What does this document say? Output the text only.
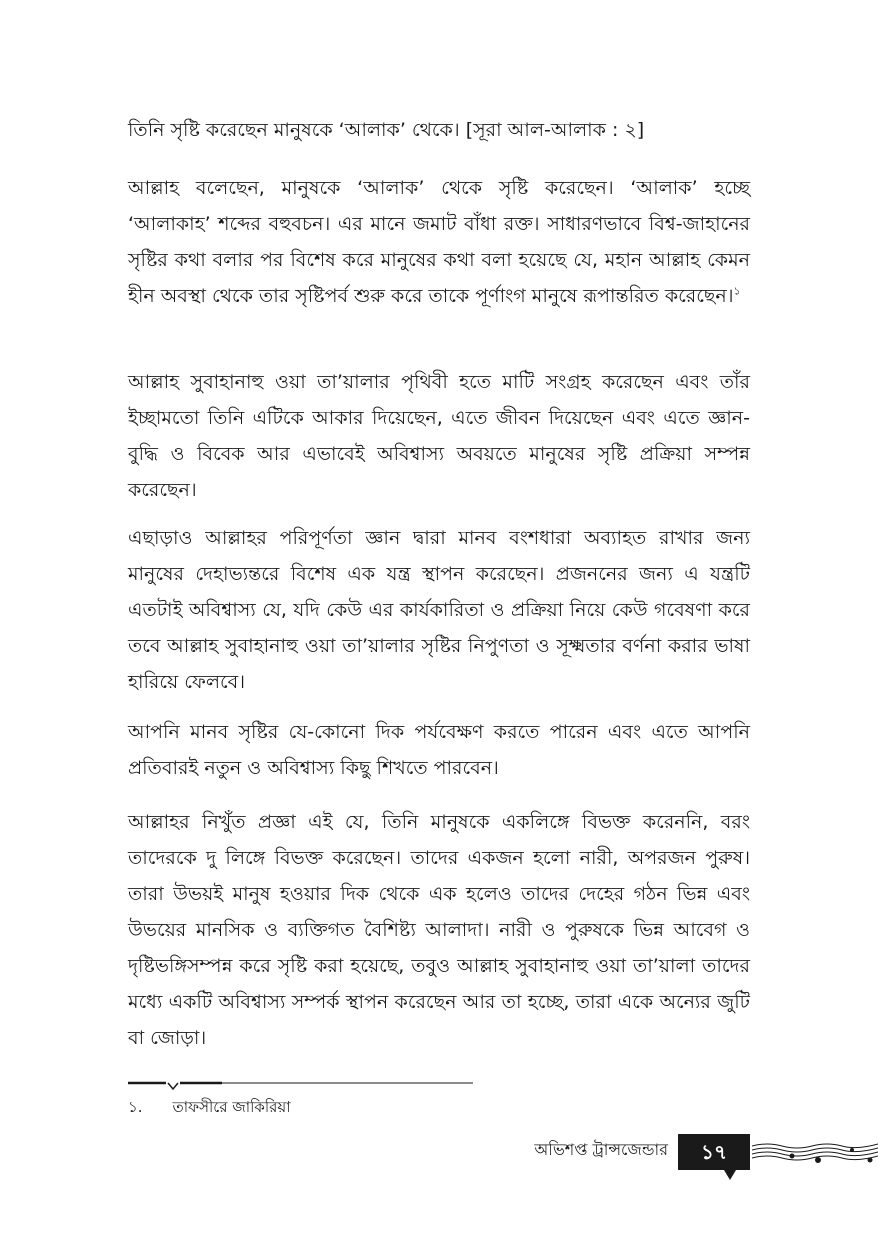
তিনি সৃষ্টি করেছেন মানুষকে ‘আলাক’ থেকে। [সূরা আল-আলাক : ২]

আল্লাহ বলেছেন, মানুষকে ‘আলাক’ থেকে সৃষ্টি করেছেন। ‘আলাক’ হচ্ছে ‘আলাকাহ’ শব্দের বহুবচন। এর মানে জমাট বাঁধা রক্ত। সাধারণভাবে বিশ্ব-জাহানের সৃষ্টির কথা বলার পর বিশেষ করে মানুষের কথা বলা হয়েছে যে, মহান আল্লাহ কেমন হীন অবস্থা থেকে তার সৃষ্টিপর্ব শুরু করে তাকে পূর্ণাংগ মানুষে রূপান্তরিত করেছেন।$^১$

আল্লাহ সুবাহানাহু ওয়া তা’য়ালার পৃথিবী হতে মাটি সংগ্রহ করেছেন এবং তাঁর ইচ্ছামতো তিনি এটিকে আকার দিয়েছেন, এতে জীবন দিয়েছেন এবং এতে জ্ঞান-বুদ্ধি ও বিবেক আর এভাবেই অবিশ্বাস্য অবয়তে মানুষের সৃষ্টি প্রক্রিয়া সম্পন্ন করেছেন।

এছাড়াও আল্লাহর পরিপূর্ণতা জ্ঞান দ্বারা মানব বংশধারা অব্যাহত রাখার জন্য মানুষের দেহাভ্যন্তরে বিশেষ এক যন্ত্র স্থাপন করেছেন। প্রজননের জন্য এ যন্ত্রটি এতটাই অবিশ্বাস্য যে, যদি কেউ এর কার্যকারিতা ও প্রক্রিয়া নিয়ে কেউ গবেষণা করে তবে আল্লাহ সুবাহানাহু ওয়া তা’য়ালার সৃষ্টির নিপুণতা ও সূক্ষ্মতার বর্ণনা করার ভাষা হারিয়ে ফেলবে।

আপনি মানব সৃষ্টির যে-কোনো দিক পর্যবেক্ষণ করতে পারেন এবং এতে আপনি প্রতিবারই নতুন ও অবিশ্বাস্য কিছু শিখতে পারবেন।

আল্লাহর নিখুঁত প্রজ্ঞা এই যে, তিনি মানুষকে একলিঙ্গে বিভক্ত করেননি, বরং তাদেরকে দু লিঙ্গে বিভক্ত করেছেন। তাদের একজন হলো নারী, অপরজন পুরুষ। তারা উভয়ই মানুষ হওয়ার দিক থেকে এক হলেও তাদের দেহের গঠন ভিন্ন এবং উভয়ের মানসিক ও ব্যক্তিগত বৈশিষ্ট্য আলাদা। নারী ও পুরুষকে ভিন্ন আবেগ ও দৃষ্টিভঙ্গিসম্পন্ন করে সৃষ্টি করা হয়েছে, তবুও আল্লাহ সুবাহানাহু ওয়া তা’য়ালা তাদের মধ্যে একটি অবিশ্বাস্য সম্পর্ক স্থাপন করেছেন আর তা হচ্ছে, তারা একে অন্যের জুটি বা জোড়া।

১. তাফসীরে জাকিরিয়া
অভিশপ্ত ট্রান্সজেন্ডার	১৭
